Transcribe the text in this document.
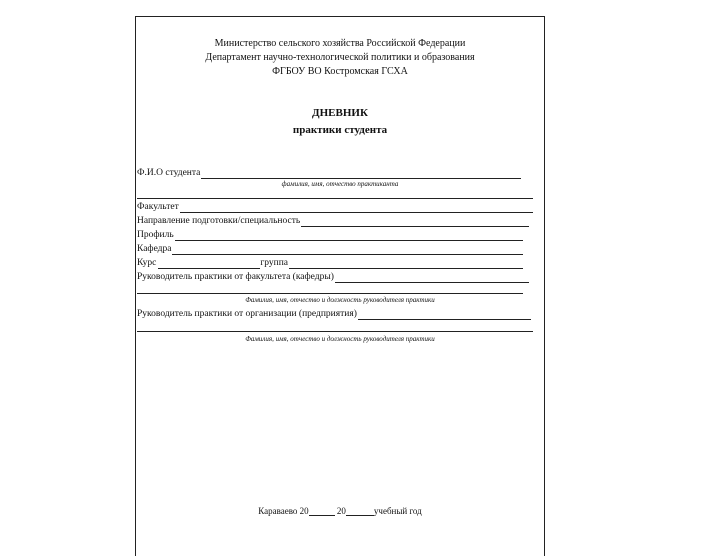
Министерство сельского хозяйства Российской Федерации
Департамент научно-технологической политики и образования
ФГБОУ ВО Костромская ГСХА
ДНЕВНИК
практики студента
Ф.И.О студента
фамилия, имя, отчество практиканта
Факультет
Направление подготовки/специальность
Профиль
Кафедра
Курс	группа
Руководитель практики от факультета (кафедры)
Фамилия, имя, отчество и должность руководителя практики
Руководитель практики от организации (предприятия)
Фамилия, имя, отчество и должность руководителя практики
Караваево 20	20	учебный год
